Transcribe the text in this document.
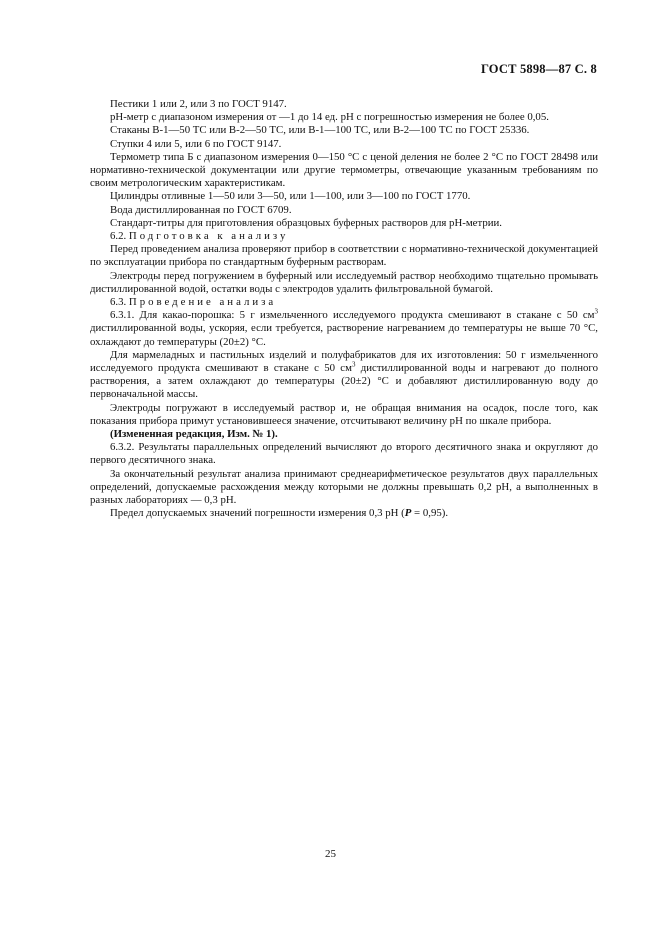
ГОСТ 5898—87 С. 8

Пестики 1 или 2, или 3 по ГОСТ 9147.

pH-метр с диапазоном измерения от —1 до 14 ед. pH с погрешностью измерения не более 0,05.

Стаканы В-1—50 ТС или В-2—50 ТС, или В-1—100 ТС, или В-2—100 ТС по ГОСТ 25336.

Ступки 4 или 5, или 6 по ГОСТ 9147.

Термометр типа Б с диапазоном измерения 0—150 °С с ценой деления не более 2 °С по ГОСТ 28498 или нормативно-технической документации или другие термометры, отвечающие указанным требованиям по своим метрологическим характеристикам.

Цилиндры отливные 1—50 или 3—50, или 1—100, или 3—100 по ГОСТ 1770.

Вода дистиллированная по ГОСТ 6709.

Стандарт-титры для приготовления образцовых буферных растворов для pH-метрии.

6.2. Подготовка к анализу

Перед проведением анализа проверяют прибор в соответствии с нормативно-технической документацией по эксплуатации прибора по стандартным буферным растворам.

Электроды перед погружением в буферный или исследуемый раствор необходимо тщательно промывать дистиллированной водой, остатки воды с электродов удалить фильтровальной бумагой.

6.3. Проведение анализа

6.3.1. Для какао-порошка: 5 г измельченного исследуемого продукта смешивают в стакане с 50 $см^3$ дистиллированной воды, ускоряя, если требуется, растворение нагреванием до температуры не выше 70 °С, охлаждают до температуры (20±2) °С.

Для мармеладных и пастильных изделий и полуфабрикатов для их изготовления: 50 г измельченного исследуемого продукта смешивают в стакане с 50 $см^3$ дистиллированной воды и нагревают до полного растворения, а затем охлаждают до температуры (20±2) °С и добавляют дистиллированную воду до первоначальной массы.

Электроды погружают в исследуемый раствор и, не обращая внимания на осадок, после того, как показания прибора примут установившееся значение, отсчитывают величину pH по шкале прибора.

(Измененная редакция, Изм. № 1).

6.3.2. Результаты параллельных определений вычисляют до второго десятичного знака и округляют до первого десятичного знака.

За окончательный результат анализа принимают среднеарифметическое результатов двух параллельных определений, допускаемые расхождения между которыми не должны превышать 0,2 pH, а выполненных в разных лабораториях — 0,3 pH.

Предел допускаемых значений погрешности измерения 0,3 pH (P = 0,95).

25
